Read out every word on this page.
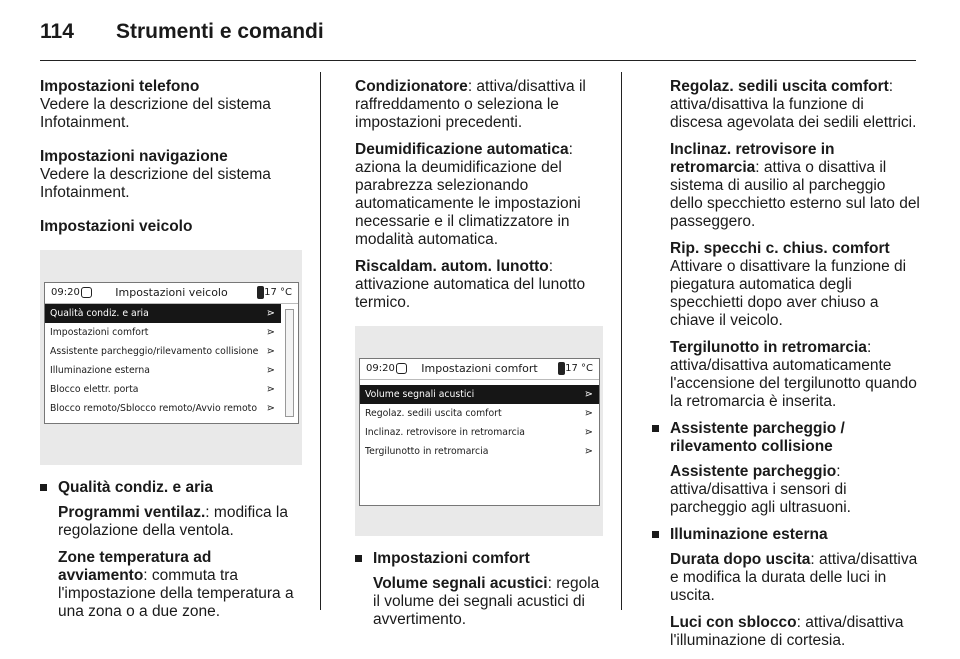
114 Strumenti e comandi

Impostazioni telefono

Vedere la descrizione del sistema Infotainment.

Impostazioni navigazione

Vedere la descrizione del sistema Infotainment.

Impostazioni veicolo

Impostazioni veicolo
09:20	17 °C
Qualità condiz. e aria	⋗
Impostazioni comfort	⋗
Assistente parcheggio/rilevamento collisione ⋗
Illuminazione esterna	⋗
Blocco elettr. porta	⋗
Blocco remoto/Sblocco remoto/Avvio remoto ⋗

Qualità condiz. e aria

Programmi ventilaz.: modifica la regolazione della ventola.

Zone temperatura ad avviamento: commuta tra l'impostazione della temperatura a una zona o a due zone.

Condizionatore: attiva/disattiva il raffreddamento o seleziona le impostazioni precedenti.

Deumidificazione automatica: aziona la deumidificazione del parabrezza selezionando automaticamente le impostazioni necessarie e il climatizzatore in modalità automatica.

Riscaldam. autom. lunotto: attivazione automatica del lunotto termico.

Impostazioni comfort
09:20	17 °C
Volume segnali acustici	⋗
Regolaz. sedili uscita comfort	⋗
Inclinaz. retrovisore in retromarcia	⋗
Tergilunotto in retromarcia	⋗

Impostazioni comfort

Volume segnali acustici: regola il volume dei segnali acustici di avvertimento.

Regolaz. sedili uscita comfort: attiva/disattiva la funzione di discesa agevolata dei sedili elettrici.

Inclinaz. retrovisore in retromarcia: attiva o disattiva il sistema di ausilio al parcheggio dello specchietto esterno sul lato del passeggero.

Rip. specchi c. chius. comfort Attivare o disattivare la funzione di piegatura automatica degli specchietti dopo aver chiuso a chiave il veicolo.

Tergilunotto in retromarcia: attiva/disattiva automaticamente l'accensione del tergilunotto quando la retromarcia è inserita.

Assistente parcheggio / rilevamento collisione

Assistente parcheggio: attiva/disattiva i sensori di parcheggio agli ultrasuoni.

Illuminazione esterna

Durata dopo uscita: attiva/disattiva e modifica la durata delle luci in uscita.

Luci con sblocco: attiva/disattiva l'illuminazione di cortesia.
